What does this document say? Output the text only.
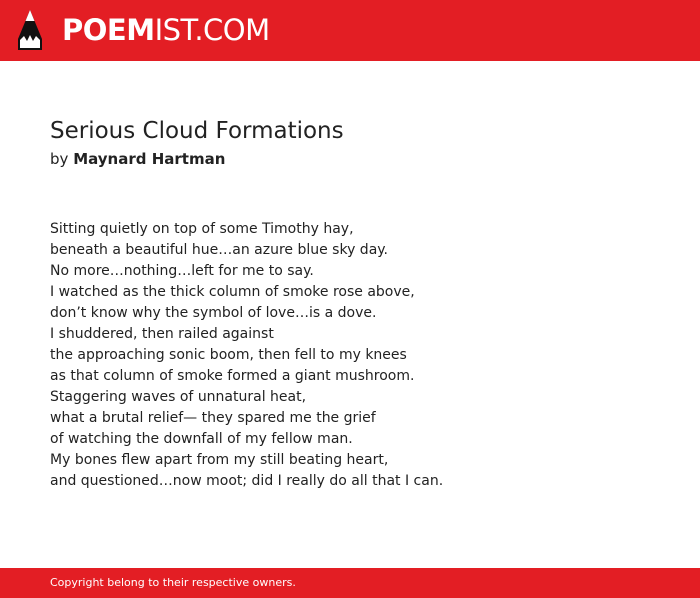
POEMIST.COM
Serious Cloud Formations
by Maynard Hartman
Sitting quietly on top of some Timothy hay,
beneath a beautiful hue…an azure blue sky day.
No more…nothing…left for me to say.
I watched as the thick column of smoke rose above,
don’t know why the symbol of love…is a dove.
I shuddered, then railed against
the approaching sonic boom, then fell to my knees
as that column of smoke formed a giant mushroom.
Staggering waves of unnatural heat,
what a brutal relief— they spared me the grief
of watching the downfall of my fellow man.
My bones flew apart from my still beating heart,
and questioned…now moot; did I really do all that I can.
Copyright belong to their respective owners.
